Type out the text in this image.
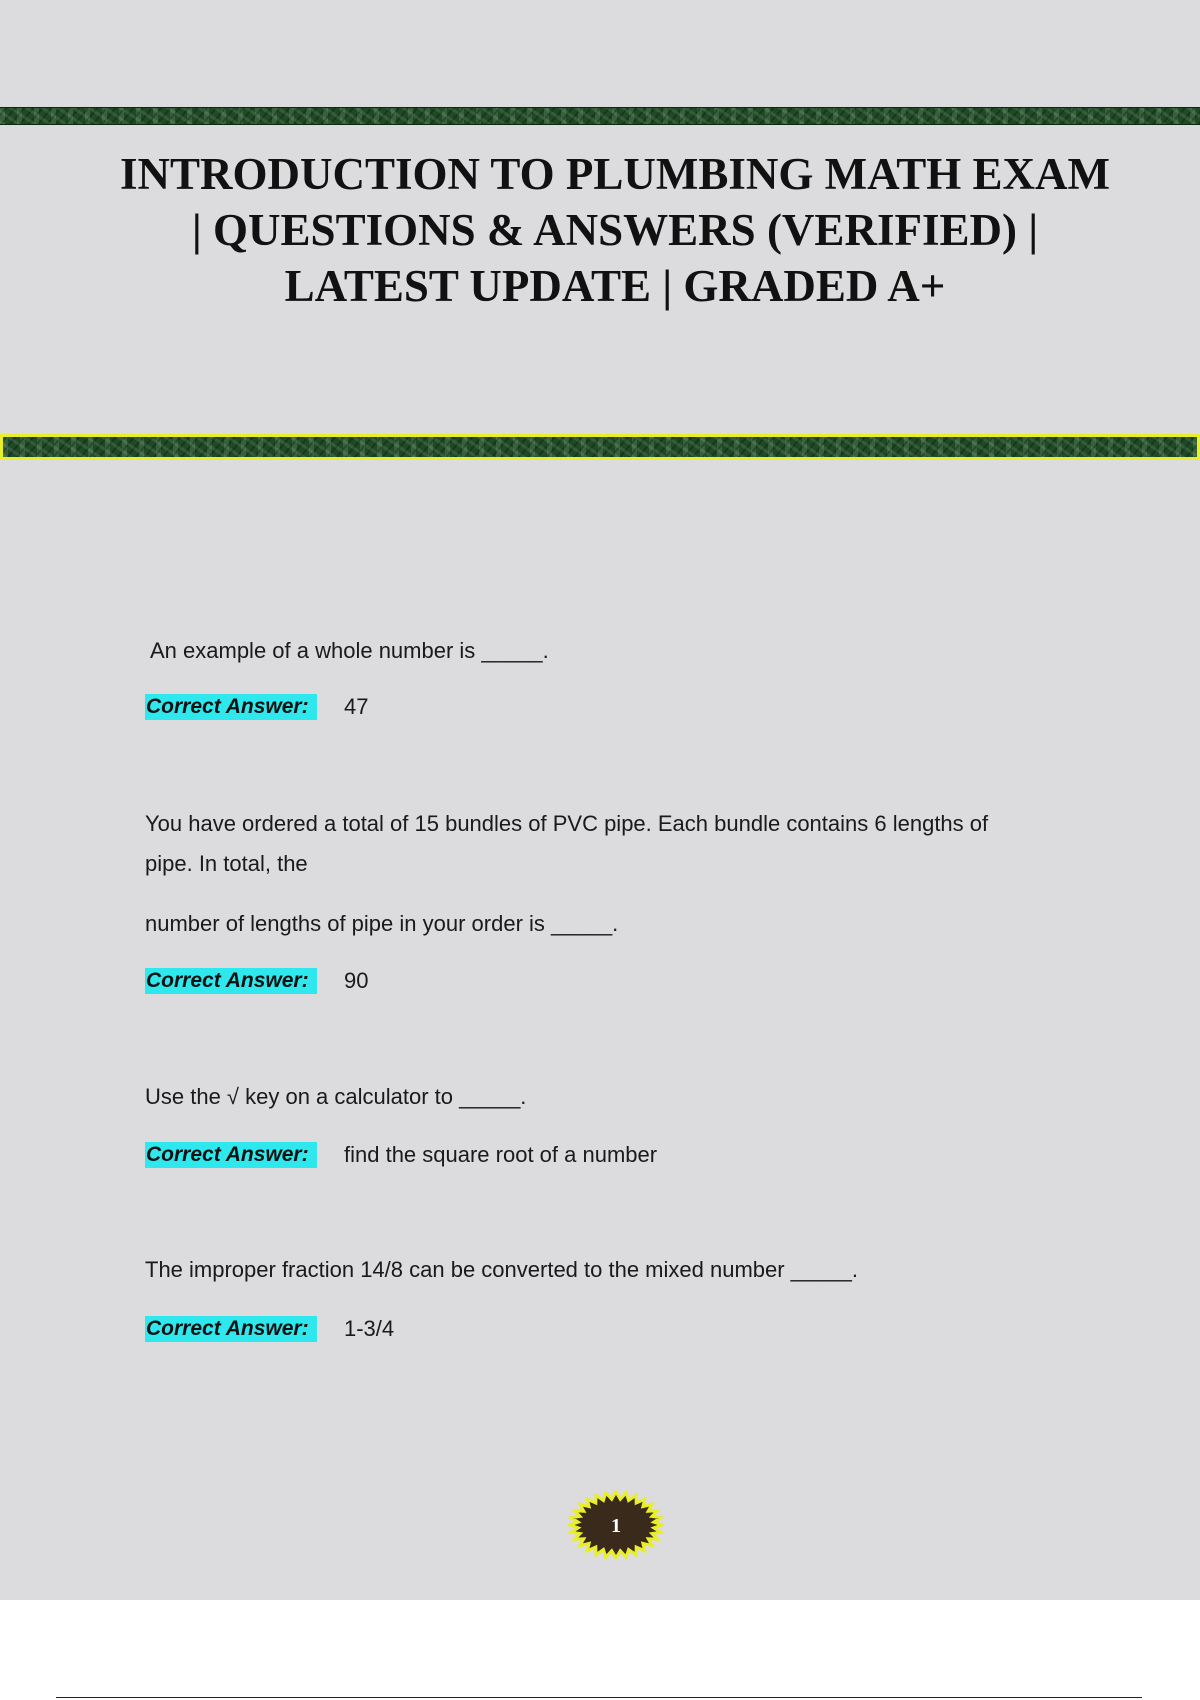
INTRODUCTION TO PLUMBING MATH EXAM | QUESTIONS & ANSWERS (VERIFIED) | LATEST UPDATE | GRADED A+

An example of a whole number is _____.

Correct Answer:	47

You have ordered a total of 15 bundles of PVC pipe. Each bundle contains 6 lengths of

pipe. In total, the

number of lengths of pipe in your order is _____.

Correct Answer:	90

Use the √ key on a calculator to _____.

Correct Answer:	find the square root of a number

The improper fraction 14/8 can be converted to the mixed number _____.

Correct Answer:	1-3/4
1
